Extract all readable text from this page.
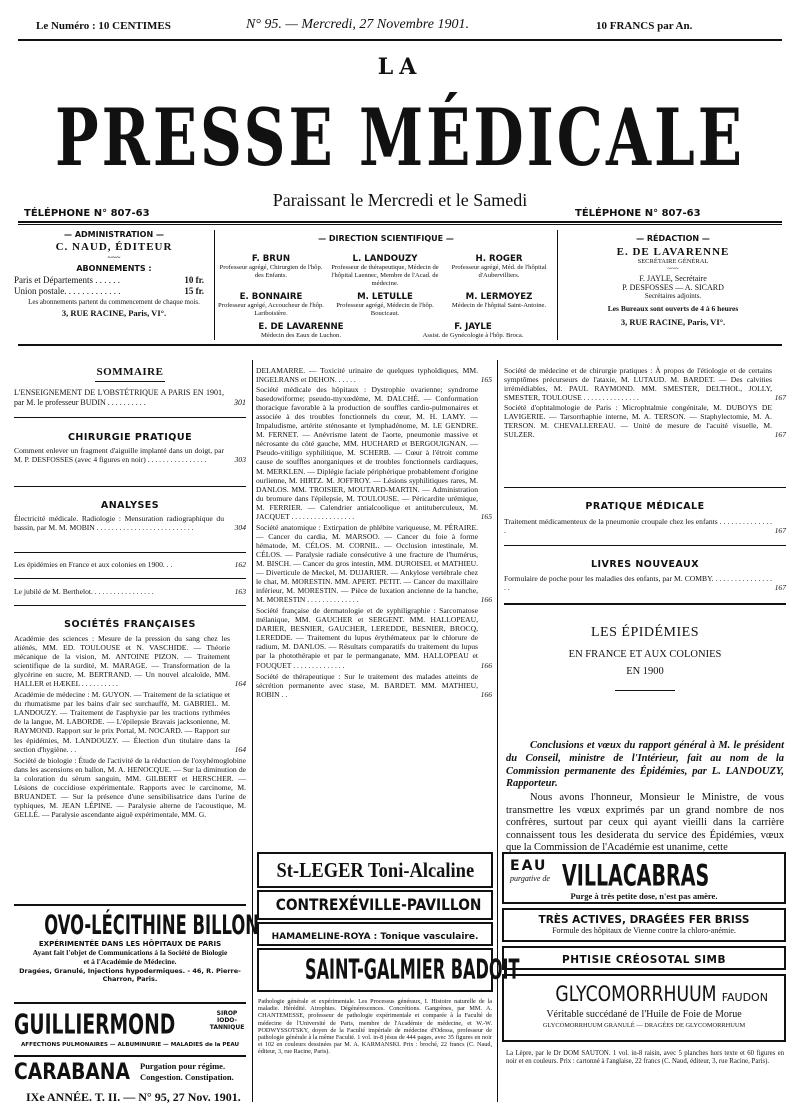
Le Numéro : 10 CENTIMES	N° 95. — Mercredi, 27 Novembre 1901.	10 FRANCS par An.
LA
PRESSE MÉDICALE
Paraissant le Mercredi et le Samedi
TÉLÉPHONE N° 807-63	TÉLÉPHONE N° 807-63
— ADMINISTRATION —
C. NAUD, ÉDITEUR
~~~
ABONNEMENTS :
Paris et Départements . . . . . .	10 fr.
Union postale. . . . . . . . . . . . .	15 fr.
Les abonnements partent du commencement de chaque mois.
3, RUE RACINE, Paris, VI°.
— DIRECTION SCIENTIFIQUE —
F. BRUN
Professeur agrégé, Chirurgien de l'hôp. des Enfants.
L. LANDOUZY
Professeur de thérapeutique, Médecin de l'hôpital Laennec, Membre de l'Acad. de médecine.
H. ROGER
Professeur agrégé, Méd. de l'hôpital d'Aubervilliers.
E. BONNAIRE
Professeur agrégé, Accoucheur de l'hôp. Lariboisière.
M. LETULLE
Professeur agrégé, Médecin de l'hôp. Boucicaut.
M. LERMOYEZ
Médecin de l'hôpital Saint-Antoine.
E. DE LAVARENNE
Médecin des Eaux de Luchon.
F. JAYLE
Assist. de Gynécologie à l'hôp. Broca.
— RÉDACTION —
E. DE LAVARENNE
SECRÉTAIRE GÉNÉRAL
~~~
F. JAYLE, Secrétaire
P. DESFOSSES — A. SICARD
Secrétaires adjoints.
Les Bureaux sont ouverts de 4 à 6 heures
3, RUE RACINE, Paris, VI°.
SOMMAIRE
L'ENSEIGNEMENT DE L'OBSTÉTRIQUE A PARIS EN 1901, par M. le professeur BUDIN . . . . . . . . . .	301
CHIRURGIE PRATIQUE
Comment enlever un fragment d'aiguille implanté dans un doigt, par M. P. DESFOSSES (avec 4 figures en noir) . . . . . . . . . . . . . . . .	303
ANALYSES
Électricité médicale. Radiologie : Mensuration radiographique du bassin, par M. M. MOBIN . . . . . . . . . . . . . . . . . . . . . . . . . .	304
Les épidémies en France et aux colonies en 1900. . .	162
Le jubilé de M. Berthelot. . . . . . . . . . . . . . . . .	163
SOCIÉTÉS FRANÇAISES
Académie des sciences : Mesure de la pression du sang chez les aliénés, MM. ED. TOULOUSE et N. VASCHIDE. — Théorie mécanique de la vision, M. ANTOINE PIZON. — Traitement scientifique de la surdité, M. MARAGE. — Transformation de la glycérine en sucre, M. BERTRAND. — Un nouvel alcaloïde, MM. HALLER et HÆKEL . . . . . . . . . .	164
Académie de médecine : M. GUYON. — Traitement de la sciatique et du rhumatisme par les bains d'air sec surchauffé, M. GABRIEL. M. LANDOUZY. — Traitement de l'asphyxie par les tractions rythmées de la langue, M. LABORDE. — L'épilepsie Bravais jacksonienne, M. RAYMOND. Rapport sur le prix Portal, M. NOCARD. — Rapport sur les épidémies, M. LANDOUZY. — Élection d'un titulaire dans la section d'hygiène. . .	164
Société de biologie : Étude de l'activité de la réduction de l'oxyhémoglobine dans les ascensions en ballon, M. A. HENOCQUE. — Sur la diminution de la coloration du sérum sanguin, MM. GILBERT et HERSCHER. — Lésions de coccidiose expérimentale. Rapports avec le carcinome, M. BRUANDET. — Sur la présence d'une sensibilisatrice dans l'urine de typhiques, M. JEAN LÉPINE. — Paralysie alterne de l'acoustique, M. GELLÉ. — Paralysie ascendante aiguë expérimentale, MM. G.
OVO-LÉCITHINE BILLON
EXPÉRIMENTÉE DANS LES HÔPITAUX DE PARIS
Ayant fait l'objet de Communications à la Société de Biologie
et à l'Académie de Médecine.
Dragées, Granulé, Injections hypodermiques. - 46, R. Pierre-Charron, Paris.
GUILLIERMOND	SIROP IODO-TANNIQUE
AFFECTIONS PULMONAIRES — ALBUMINURIE — MALADIES de la PEAU
CARABANA Purgation pour régime.
Congestion. Constipation.
IXe ANNÉE. T. II. — N° 95, 27 Nov. 1901.
DELAMARRE. — Toxicité urinaire de quelques typhoïdiques, MM. INGELRANS et DEHON. . . . . .	165
Société médicale des hôpitaux : Dystrophie ovarienne; syndrome basedowiforme; pseudo-myxœdème, M. DALCHÉ. — Conformation thoracique favorable à la production de souffles cardio-pulmonaires et associée à des troubles fonctionnels du cœur, M. H. LAMY. — Impaludisme, artérite sténosante et lymphadénome, M. LE GENDRE. M. FERNET. — Anévrisme latent de l'aorte, pneumonie massive et nécrosante du côté gauche, MM. HUCHARD et BERGOUIGNAN. — Pseudo-vitiligo syphilitique, M. SCHERB. — Cœur à l'étroit comme cause de souffles anorganiques et de troubles fonctionnels cardiaques, M. MERKLEN. — Diplégie faciale périphérique probablement d'origine ourlienne, M. HIRTZ. M. JOFFROY. — Lésions syphilitiques rares, M. DANLOS. MM. TROISIER, MOUTARD-MARTIN. — Administration du bromure dans l'épilepsie, M. TOULOUSE. — Péricardite urémique, M. FERRIER. — Calendrier antialcoolique et antituberculeux, M. JACQUET . . . . . . . . . . . . . . . . .	165
Société anatomique : Extirpation de phlébite variqueuse, M. PÉRAIRE. — Cancer du cardia, M. MARSOO. — Cancer du foie à forme hématode, M. CÉLOS. M. CORNIL. — Occlusion intestinale, M. CÉLOS. — Paralysie radiale consécutive à une fracture de l'humérus, M. BISCH. — Cancer du gros intestin, MM. DUROISEL et MATHIEU. — Diverticule de Meckel, M. DUJARIER. — Ankylose vertébrale chez le chat, M. MORESTIN. MM. APERT. PETIT. — Cancer du maxillaire inférieur, M. MORESTIN. — Pièce de luxation ancienne de la hanche, M. MORESTIN . . . . . . . . . . . . . .	166
Société française de dermatologie et de syphiligraphie : Sarcomatose mélanique, MM. GAUCHER et SERGENT. MM. HALLOPEAU, DARIER, BESNIER, GAUCHER, LEREDDE, BESNIER, BROCQ, LEREDDE. — Traitement du lupus érythémateux par le chlorure de radium, M. DANLOS. — Résultats comparatifs du traitement du lupus par la photothérapie et par le permanganate, MM. HALLOPEAU et FOUQUET . . . . . . . . . . . . . .	166
Société de thérapeutique : Sur le traitement des malades atteints de sécrétion permanente avec stase, M. BARDET. MM. MATHIEU, ROBIN . .	166
St-LEGER Toni-Alcaline
CONTREXÉVILLE-PAVILLON
HAMAMELINE-ROYA : Tonique vasculaire.
SAINT-GALMIER BADOIT
Pathologie générale et expérimentale. Les Processus généraux, I. Histoire naturelle de la maladie. Hérédité. Atrophies. Dégénérescences. Concrétions. Gangrènes, par MM. A. CHANTEMESSE, professeur de pathologie expérimentale et comparée à la Faculté de médecine de l'Université de Paris, membre de l'Académie de médecine, et W.-W. PODWYSSOTSKY, doyen de la Faculté impériale de médecine d'Odessa, professeur de pathologie générale à la même Faculté. 1 vol. in-8 jésus de 444 pages, avec 35 figures en noir et 102 en couleurs dessinées par M. A. KARMANSKI. Prix : broché, 22 francs (C. Naud, éditeur, 3, rue Racine, Paris).
Société de médecine et de chirurgie pratiques : À propos de l'étiologie et de certains symptômes précurseurs de l'ataxie, M. LUTAUD. M. BARDET. — Des calvities irrémédiables, M. PAUL RAYMOND. MM. SMESTER, DELTHOL, JOLLY, SMESTER, TOULOUSE . . . . . . . . . . . . . . .	167
Société d'ophtalmologie de Paris : Microphtalmie congénitale, M. DUBOYS DE LAVIGERIE. — Tarsorrhaphie interne, M. A. TERSON. — Staphylectomie, M. A. TERSON. M. CHEVALLEREAU. — Unité de mesure de l'acuité visuelle, M. SULZER.	167
PRATIQUE MÉDICALE
Traitement médicamenteux de la pneumonie croupale chez les enfants . . . . . . . . . . . . . . .	167
LIVRES NOUVEAUX
Formulaire de poche pour les maladies des enfants, par M. COMBY. . . . . . . . . . . . . . . . . .	167
LES ÉPIDÉMIES
EN FRANCE ET AUX COLONIES
EN 1900
Conclusions et vœux du rapport général à M. le président du Conseil, ministre de l'Intérieur, fait au nom de la Commission permanente des Épidémies, par L. LANDOUZY, Rapporteur.
Nous avons l'honneur, Monsieur le Ministre, de vous transmettre les vœux exprimés par un grand nombre de nos confrères, surtout par ceux qui ayant vieilli dans la carrière connaissent tous les desiderata du service des Épidémies, vœux que la Commission de l'Académie est unanime, cette
EAU
purgative de VILLACABRAS
Purge à très petite dose, n'est pas amère.
TRÈS ACTIVES, DRAGÉES FER BRISS
Formule des hôpitaux de Vienne contre la chloro-anémie.
PHTISIE CRÉOSOTAL SIMB
GLYCOMORRHUUM FAUDON
Véritable succédané de l'Huile de Foie de Morue
GLYCOMORRHUUM GRANULÉ — DRAGÉES DE GLYCOMORRHUUM
La Lèpre, par le Dr DOM SAUTON. 1 vol. in-8 raisin, avec 5 planches hors texte et 60 figures en noir et en couleurs. Prix : cartonné à l'anglaise, 22 francs (C. Naud, éditeur, 3, rue Racine, Paris).
